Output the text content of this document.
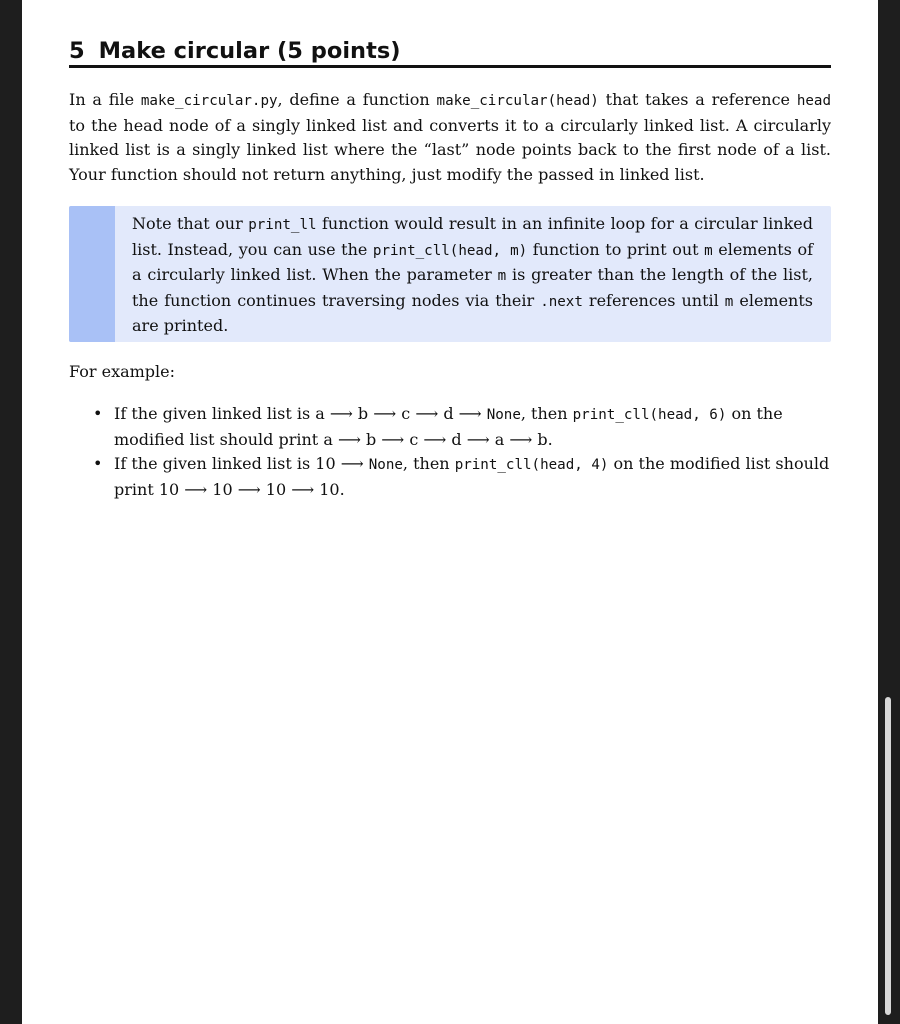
5 Make circular (5 points)

In a file make_circular.py, define a function make_circular(head) that takes a reference head to the head node of a singly linked list and converts it to a circularly linked list. A circularly linked list is a singly linked list where the “last” node points back to the first node of a list. Your function should not return anything, just modify the passed in linked list.

Note that our print_ll function would result in an infinite loop for a circular linked list. Instead, you can use the print_cll(head, m) function to print out m elements of a circularly linked list. When the parameter m is greater than the length of the list, the function continues traversing nodes via their .next references until m elements are printed.

For example:
• If the given linked list is a ⟶ b ⟶ c ⟶ d ⟶ None, then print_cll(head, 6) on the modified list should print a ⟶ b ⟶ c ⟶ d ⟶ a ⟶ b.
• If the given linked list is 10 ⟶ None, then print_cll(head, 4) on the modified list should print 10 ⟶ 10 ⟶ 10 ⟶ 10.
